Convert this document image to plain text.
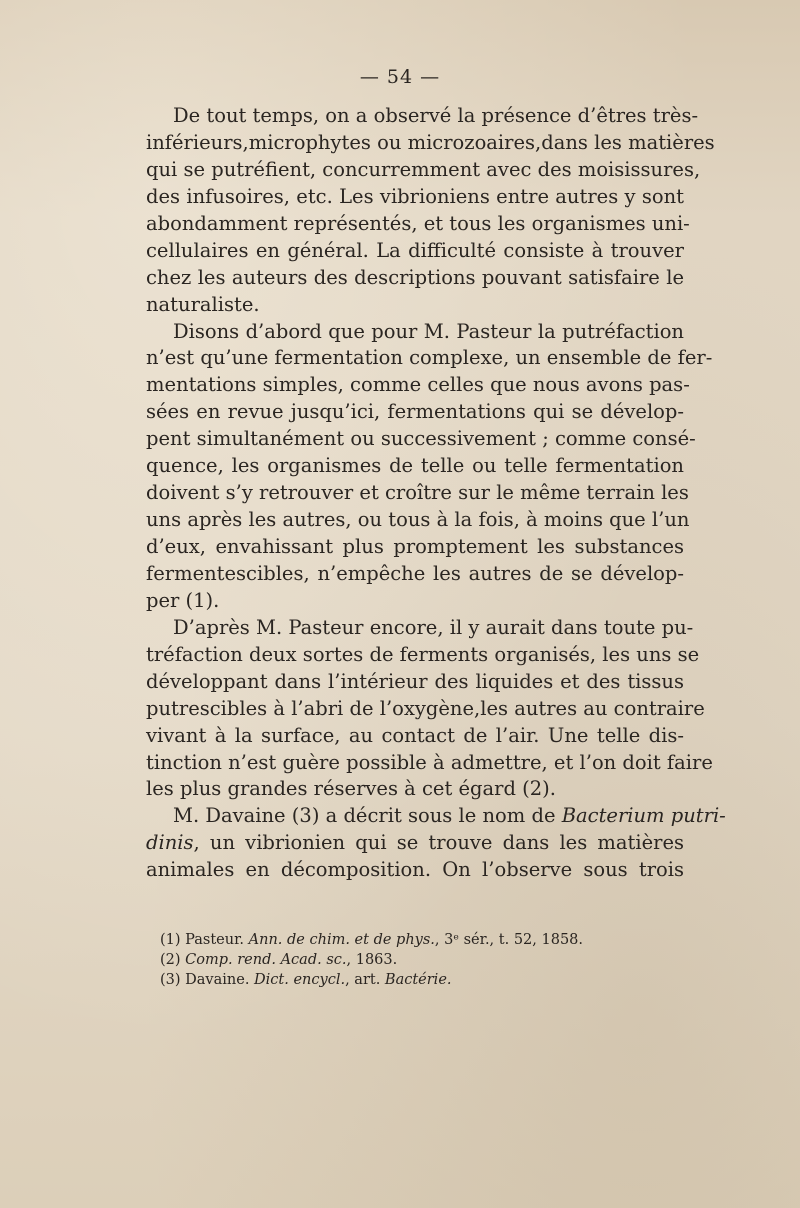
— 54 —
De tout temps, on a observé la présence d’êtres très-
inférieurs,microphytes ou microzoaires,dans les matières
qui se putréfient, concurremment avec des moisissures,
des infusoires, etc. Les vibrioniens entre autres y sont
abondamment représentés, et tous les organismes uni-
cellulaires en général. La difficulté consiste à trouver
chez les auteurs des descriptions pouvant satisfaire le
naturaliste.
Disons d’abord que pour M. Pasteur la putréfaction
n’est qu’une fermentation complexe, un ensemble de fer-
mentations simples, comme celles que nous avons pas-
sées en revue jusqu’ici, fermentations qui se dévelop-
pent simultanément ou successivement ; comme consé-
quence, les organismes de telle ou telle fermentation
doivent s’y retrouver et croître sur le même terrain les
uns après les autres, ou tous à la fois, à moins que l’un
d’eux, envahissant plus promptement les substances
fermentescibles, n’empêche les autres de se dévelop-
per (1).
D’après M. Pasteur encore, il y aurait dans toute pu-
tréfaction deux sortes de ferments organisés, les uns se
développant dans l’intérieur des liquides et des tissus
putrescibles à l’abri de l’oxygène,les autres au contraire
vivant à la surface, au contact de l’air. Une telle dis-
tinction n’est guère possible à admettre, et l’on doit faire
les plus grandes réserves à cet égard (2).
M. Davaine (3) a décrit sous le nom de Bacterium putri-
dinis, un vibrionien qui se trouve dans les matières
animales en décomposition. On l’observe sous trois
(1) Pasteur. Ann. de chim. et de phys., 3ᵉ sér., t. 52, 1858.
(2) Comp. rend. Acad. sc., 1863.
(3) Davaine. Dict. encycl., art. Bactérie.
